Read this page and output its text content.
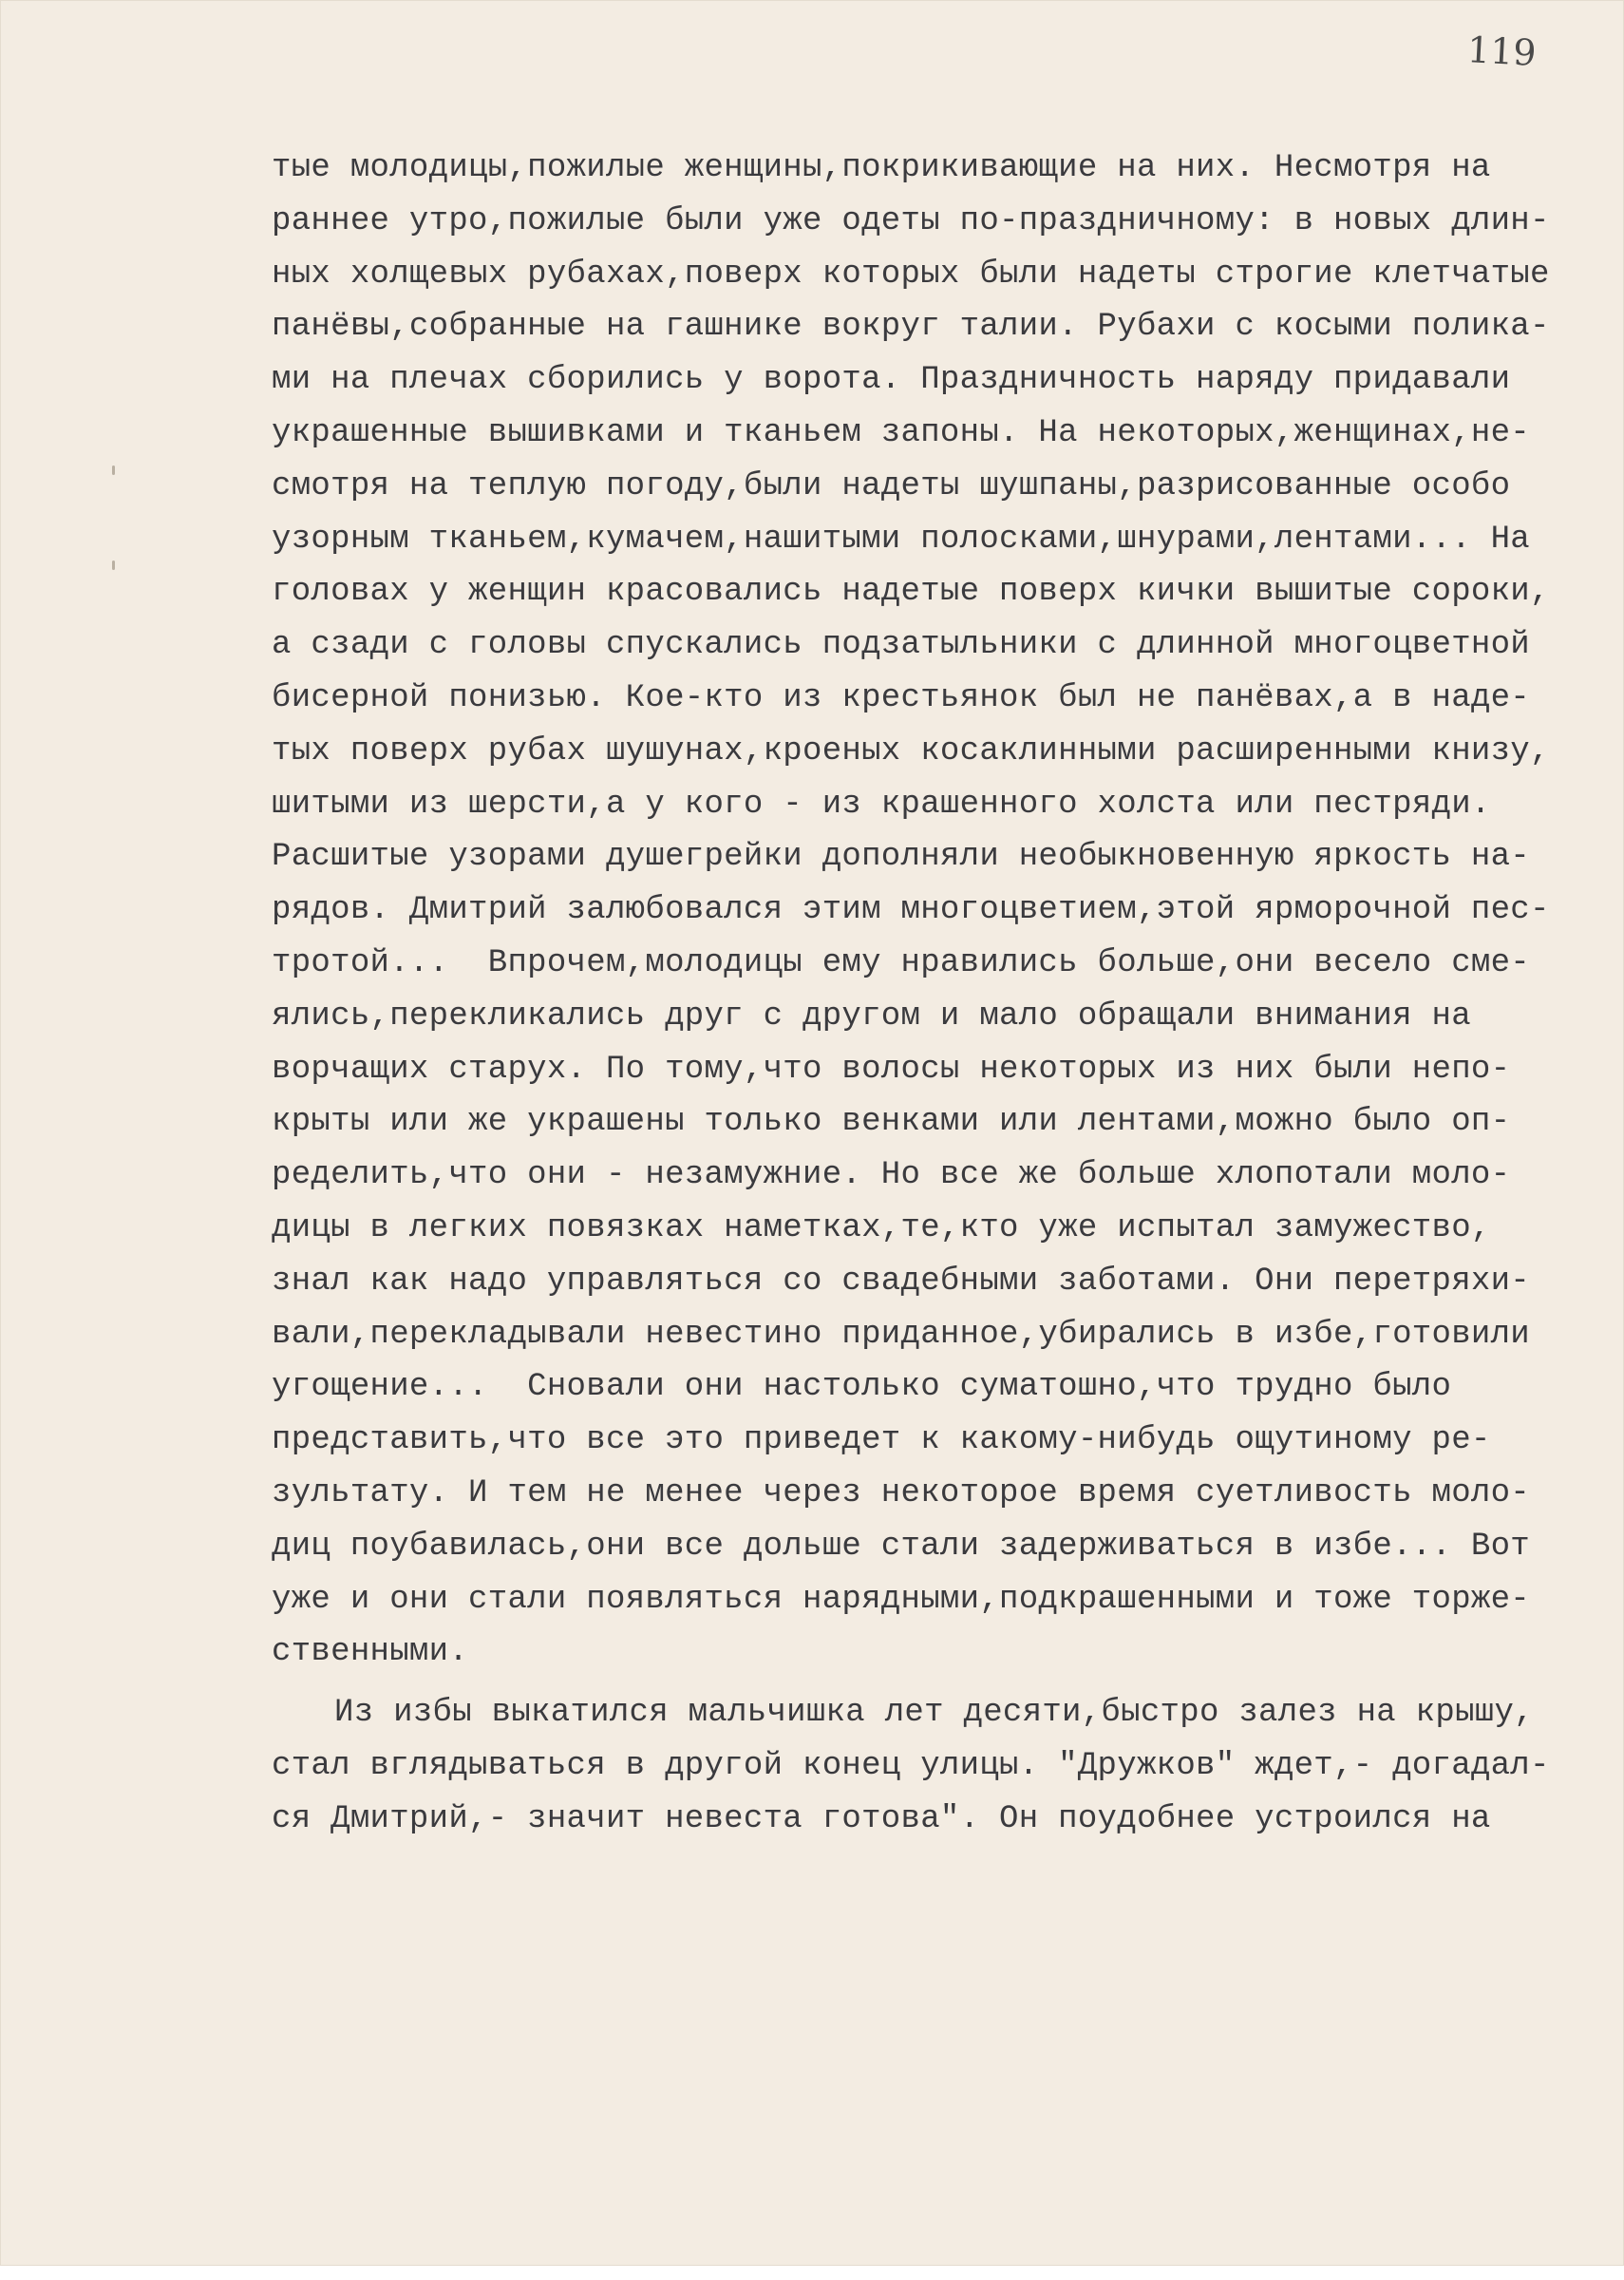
119
тые молодицы,пожилые женщины,покрикивающие на них. Несмотря на
раннее утро,пожилые были уже одеты по-праздничному: в новых длин-
ных холщевых рубахах,поверх которых были надеты строгие клетчатые
панёвы,собранные на гашнике вокруг талии. Рубахи с косыми полика-
ми на плечах сборились у ворота. Праздничность наряду придавали
украшенные вышивками и тканьем запоны. На некоторых,женщинах,не-
смотря на теплую погоду,были надеты шушпаны,разрисованные особо
узорным тканьем,кумачем,нашитыми полосками,шнурами,лентами... На
головах у женщин красовались надетые поверх кички вышитые сороки,
а сзади с головы спускались подзатыльники с длинной многоцветной
бисерной понизью. Кое-кто из крестьянок был не панёвах,а в наде-
тых поверх рубах шушунах,кроеных косаклинными расширенными книзу,
шитыми из шерсти,а у кого - из крашенного холста или пестряди.
Расшитые узорами душегрейки дополняли необыкновенную яркость на-
рядов. Дмитрий залюбовался этим многоцветием,этой ярморочной пес-
тротой...  Впрочем,молодицы ему нравились больше,они весело сме-
ялись,перекликались друг с другом и мало обращали внимания на
ворчащих старух. По тому,что волосы некоторых из них были непо-
крыты или же украшены только венками или лентами,можно было оп-
ределить,что они - незамужние. Но все же больше хлопотали моло-
дицы в легких повязках наметках,те,кто уже испытал замужество,
знал как надо управляться со свадебными заботами. Они перетряхи-
вали,перекладывали невестино приданное,убирались в избе,готовили
угощение...  Сновали они настолько суматошно,что трудно было
представить,что все это приведет к какому-нибудь ощутиному ре-
зультату. И тем не менее через некоторое время суетливость моло-
диц поубавилась,они все дольше стали задерживаться в избе... Вот
уже и они стали появляться нарядными,подкрашенными и тоже торже-
ственными.
Из избы выкатился мальчишка лет десяти,быстро залез на крышу,
стал вглядываться в другой конец улицы. "Дружков" ждет,- догадал-
ся Дмитрий,- значит невеста готова". Он поудобнее устроился на
